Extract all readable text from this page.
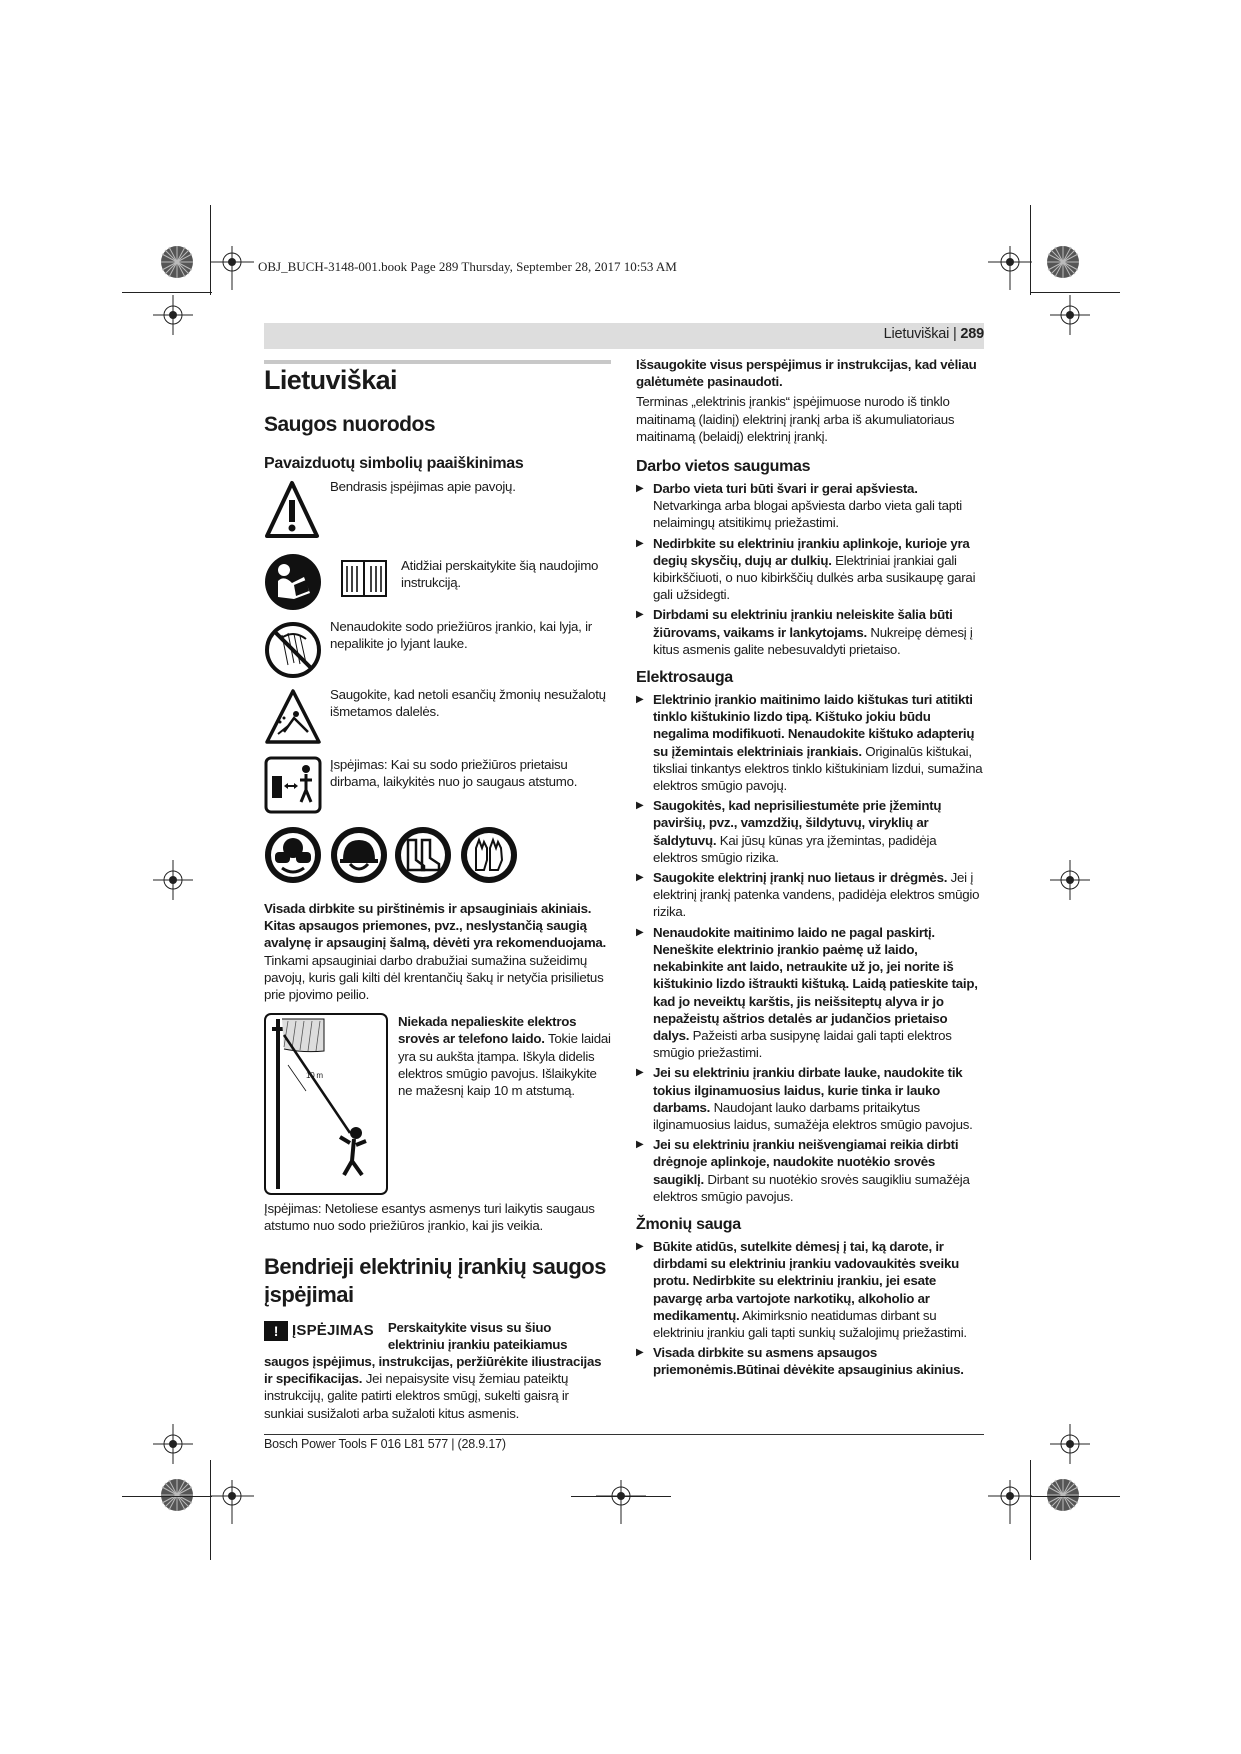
OBJ_BUCH-3148-001.book Page 289 Thursday, September 28, 2017 10:53 AM
Lietuviškai | 289
Lietuviškai
Saugos nuorodos
Pavaizduotų simbolių paaiškinimas

Bendrasis įspėjimas apie pavojų.

Atidžiai perskaitykite šią naudojimo instrukciją.

Nenaudokite sodo priežiūros įrankio, kai lyja, ir nepalikite jo lyjant lauke.

Saugokite, kad netoli esančių žmonių nesužalotų išmetamos dalelės.

Įspėjimas: Kai su sodo priežiūros prietaisu dirbama, laikykitės nuo jo saugaus atstumo.

Visada dirbkite su pirštinėmis ir apsauginiais akiniais. Kitas apsaugos priemones, pvz., neslystančią saugią avalynę ir apsauginį šalmą, dėvėti yra rekomenduojama. Tinkami apsauginiai darbo drabužiai sumažina sužeidimų pavojų, kuris gali kilti dėl krentančių šakų ir netyčia prisilietus prie pjovimo peilio.

10 m

Niekada nepalieskite elektros srovės ar telefono laido. Tokie laidai yra su aukšta įtampa. Iškyla didelis elektros smūgio pavojus. Išlaikykite ne mažesnį kaip 10 m atstumą.

Įspėjimas: Netoliese esantys asmenys turi laikytis saugaus atstumo nuo sodo priežiūros įrankio, kai jis veikia.

Bendrieji elektrinių įrankių saugos įspėjimai
! ĮSPĖJIMAS	Perskaitykite visus su šiuo elektriniu įrankiu pateikiamus saugos įspėjimus, instrukcijas, peržiūrėkite iliustracijas ir specifikacijas. Jei nepaisysite visų žemiau pateiktų instrukcijų, galite patirti elektros smūgį, sukelti gaisrą ir sunkiai susižaloti arba sužaloti kitus asmenis.

Išsaugokite visus perspėjimus ir instrukcijas, kad vėliau galėtumėte pasinaudoti.

Terminas „elektrinis įrankis“ įspėjimuose nurodo iš tinklo maitinamą (laidinį) elektrinį įrankį arba iš akumuliatoriaus maitinamą (belaidį) elektrinį įrankį.

Darbo vietos saugumas
▶ Darbo vieta turi būti švari ir gerai apšviesta. Netvarkinga arba blogai apšviesta darbo vieta gali tapti nelaimingų atsitikimų priežastimi.
▶ Nedirbkite su elektriniu įrankiu aplinkoje, kurioje yra degių skysčių, dujų ar dulkių. Elektriniai įrankiai gali kibirkščiuoti, o nuo kibirkščių dulkės arba susikaupę garai gali užsidegti.
▶ Dirbdami su elektriniu įrankiu neleiskite šalia būti žiūrovams, vaikams ir lankytojams. Nukreipę dėmesį į kitus asmenis galite nebesuvaldyti prietaiso.
Elektrosauga
▶ Elektrinio įrankio maitinimo laido kištukas turi atitikti tinklo kištukinio lizdo tipą. Kištuko jokiu būdu negalima modifikuoti. Nenaudokite kištuko adapterių su įžemintais elektriniais įrankiais. Originalūs kištukai, tiksliai tinkantys elektros tinklo kištukiniam lizdui, sumažina elektros smūgio pavojų.
▶ Saugokitės, kad neprisiliestumėte prie įžemintų paviršių, pvz., vamzdžių, šildytuvų, viryklių ar šaldytuvų. Kai jūsų kūnas yra įžemintas, padidėja elektros smūgio rizika.
▶ Saugokite elektrinį įrankį nuo lietaus ir drėgmės. Jei į elektrinį įrankį patenka vandens, padidėja elektros smūgio rizika.
▶ Nenaudokite maitinimo laido ne pagal paskirtį. Neneškite elektrinio įrankio paėmę už laido, nekabinkite ant laido, netraukite už jo, jei norite iš kištukinio lizdo ištraukti kištuką. Laidą patieskite taip, kad jo neveiktų karštis, jis neišsiteptų alyva ir jo nepažeistų aštrios detalės ar judančios prietaiso dalys. Pažeisti arba susipynę laidai gali tapti elektros smūgio priežastimi.
▶ Jei su elektriniu įrankiu dirbate lauke, naudokite tik tokius ilginamuosius laidus, kurie tinka ir lauko darbams. Naudojant lauko darbams pritaikytus ilginamuosius laidus, sumažėja elektros smūgio pavojus.
▶ Jei su elektriniu įrankiu neišvengiamai reikia dirbti drėgnoje aplinkoje, naudokite nuotėkio srovės saugiklį. Dirbant su nuotėkio srovės saugikliu sumažėja elektros smūgio pavojus.
Žmonių sauga
▶ Būkite atidūs, sutelkite dėmesį į tai, ką darote, ir dirbdami su elektriniu įrankiu vadovaukitės sveiku protu. Nedirbkite su elektriniu įrankiu, jei esate pavargę arba vartojote narkotikų, alkoholio ar medikamentų. Akimirksnio neatidumas dirbant su elektriniu įrankiu gali tapti sunkių sužalojimų priežastimi.
▶ Visada dirbkite su asmens apsaugos priemonėmis.Būtinai dėvėkite apsauginius akinius.
Bosch Power Tools F 016 L81 577 | (28.9.17)
